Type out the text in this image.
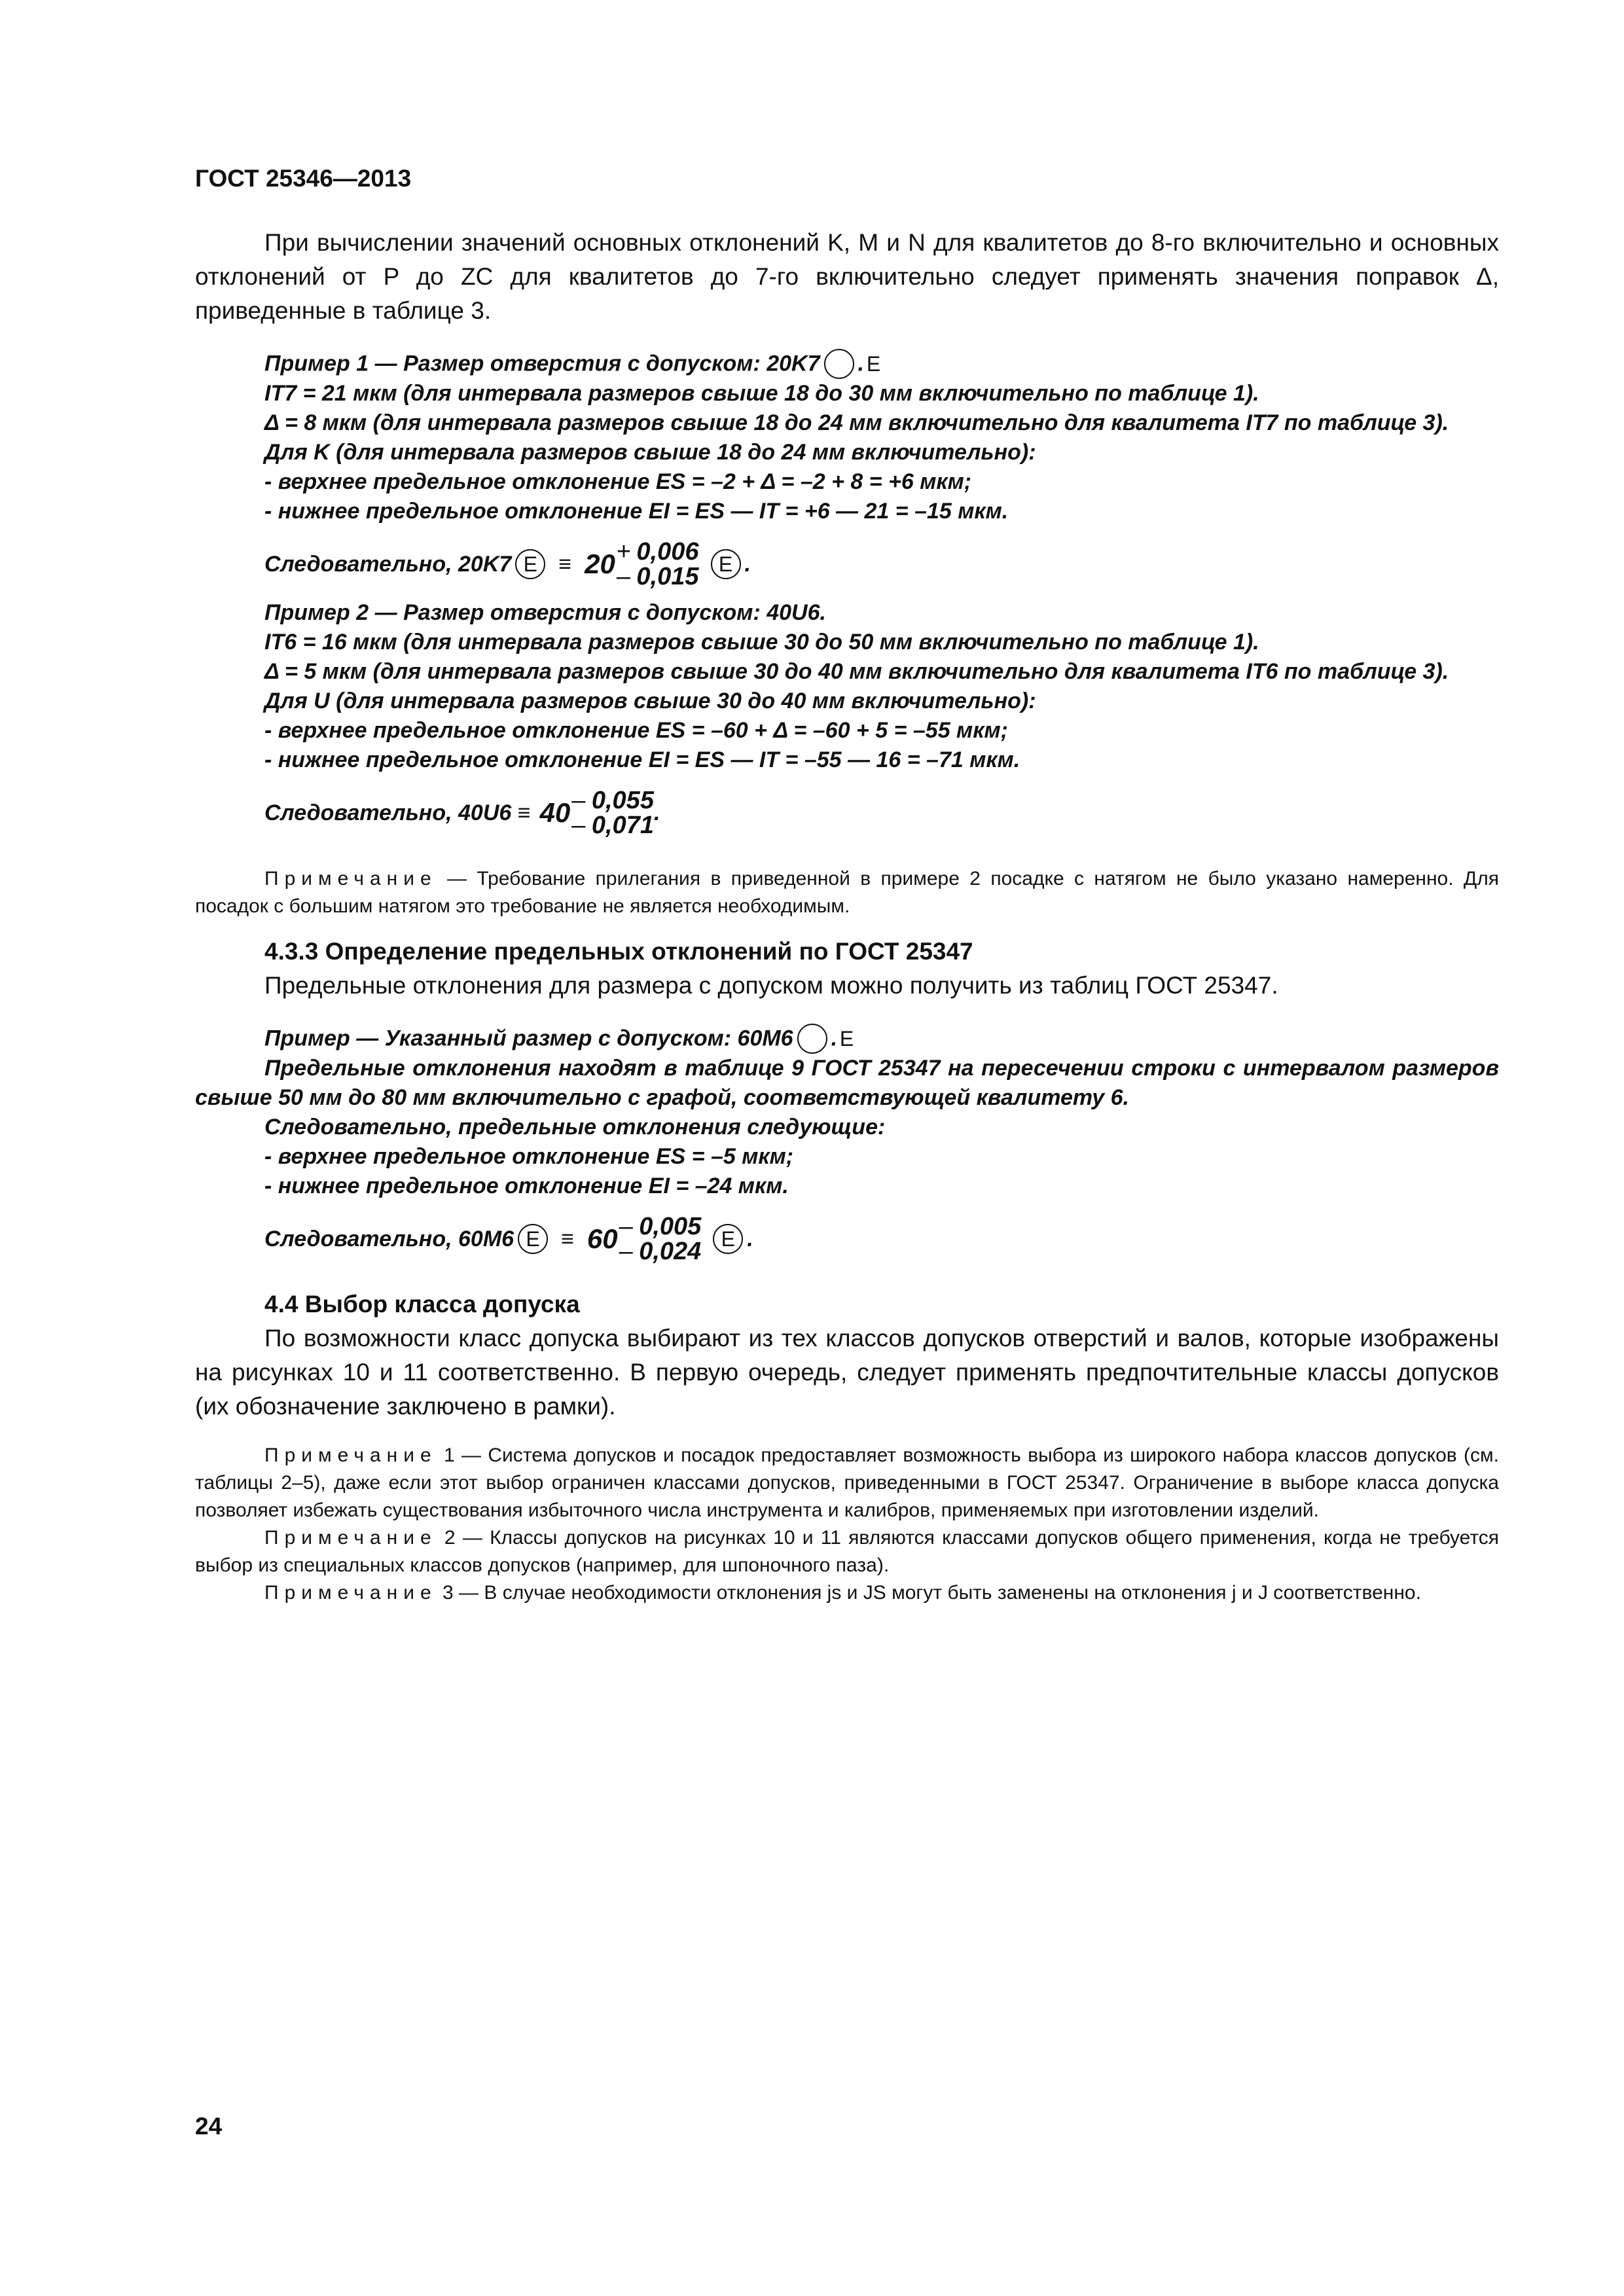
ГОСТ 25346—2013

При вычислении значений основных отклонений K, M и N для квалитетов до 8-го включительно и основных отклонений от P до ZC для квалитетов до 7-го включительно следует применять значения поправок Δ, приведенные в таблице 3.

Пример 1 — Размер отверстия с допуском: 20K7 E.

IT7 = 21 мкм (для интервала размеров свыше 18 до 30 мм включительно по таблице 1).

Δ = 8 мкм (для интервала размеров свыше 18 до 24 мм включительно для квалитета IT7 по таблице 3).

Для K (для интервала размеров свыше 18 до 24 мм включительно):

- верхнее предельное отклонение ES = –2 + Δ = –2 + 8 = +6 мкм;

- нижнее предельное отклонение EI = ES — IT = +6 — 21 = –15 мкм.

Следовательно, 20K7 E ≡ 20 + 0,006
– 0,015 E .

Пример 2 — Размер отверстия с допуском: 40U6.

IT6 = 16 мкм (для интервала размеров свыше 30 до 50 мм включительно по таблице 1).

Δ = 5 мкм (для интервала размеров свыше 30 до 40 мм включительно для квалитета IT6 по таблице 3).

Для U (для интервала размеров свыше 30 до 40 мм включительно):

- верхнее предельное отклонение ES = –60 + Δ = –60 + 5 = –55 мкм;

- нижнее предельное отклонение EI = ES — IT = –55 — 16 = –71 мкм.

Следовательно, 40U6 ≡ 40 – 0,055
– 0,071 .

Примечание — Требование прилегания в приведенной в примере 2 посадке с натягом не было указано намеренно. Для посадок с большим натягом это требование не является необходимым.

4.3.3 Определение предельных отклонений по ГОСТ 25347

Предельные отклонения для размера с допуском можно получить из таблиц ГОСТ 25347.

Пример — Указанный размер с допуском: 60M6 E.

Предельные отклонения находят в таблице 9 ГОСТ 25347 на пересечении строки с интервалом размеров свыше 50 мм до 80 мм включительно с графой, соответствующей квалитету 6.

Следовательно, предельные отклонения следующие:

- верхнее предельное отклонение ES = –5 мкм;

- нижнее предельное отклонение EI = –24 мкм.

Следовательно, 60M6 E ≡ 60 – 0,005
– 0,024 E .

4.4 Выбор класса допуска

По возможности класс допуска выбирают из тех классов допусков отверстий и валов, которые изображены на рисунках 10 и 11 соответственно. В первую очередь, следует применять предпочтительные классы допусков (их обозначение заключено в рамки).

Примечание 1 — Система допусков и посадок предоставляет возможность выбора из широкого набора классов допусков (см. таблицы 2–5), даже если этот выбор ограничен классами допусков, приведенными в ГОСТ 25347. Ограничение в выборе класса допуска позволяет избежать существования избыточного числа инструмента и калибров, применяемых при изготовлении изделий.

Примечание 2 — Классы допусков на рисунках 10 и 11 являются классами допусков общего применения, когда не требуется выбор из специальных классов допусков (например, для шпоночного паза).

Примечание 3 — В случае необходимости отклонения js и JS могут быть заменены на отклонения j и J соответственно.

24
